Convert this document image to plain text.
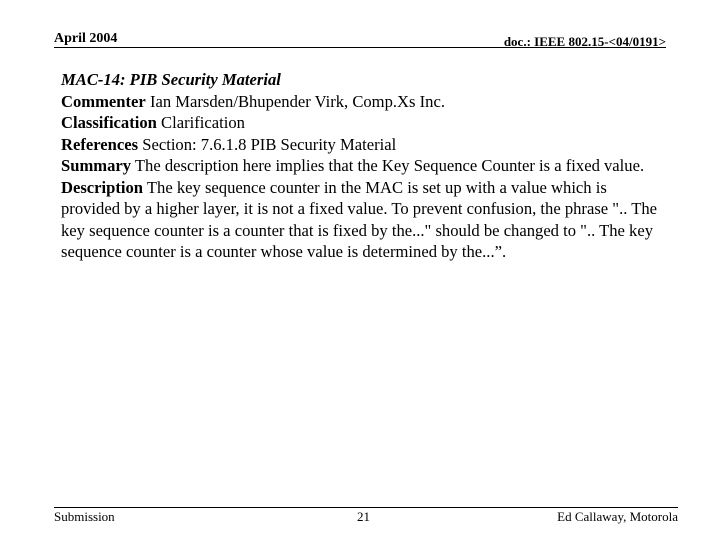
April 2004	doc.: IEEE 802.15-<04/0191>

MAC-14: PIB Security Material

Commenter Ian Marsden/Bhupender Virk, Comp.Xs Inc.

Classification Clarification

References Section: 7.6.1.8 PIB Security Material

Summary The description here implies that the Key Sequence Counter is a fixed value.

Description The key sequence counter in the MAC is set up with a value which is provided by a higher layer, it is not a fixed value. To prevent confusion, the phrase ".. The key sequence counter is a counter that is fixed by the..." should be changed to ".. The key sequence counter is a counter whose value is determined by the...”.

Submission	21	Ed Callaway, Motorola
